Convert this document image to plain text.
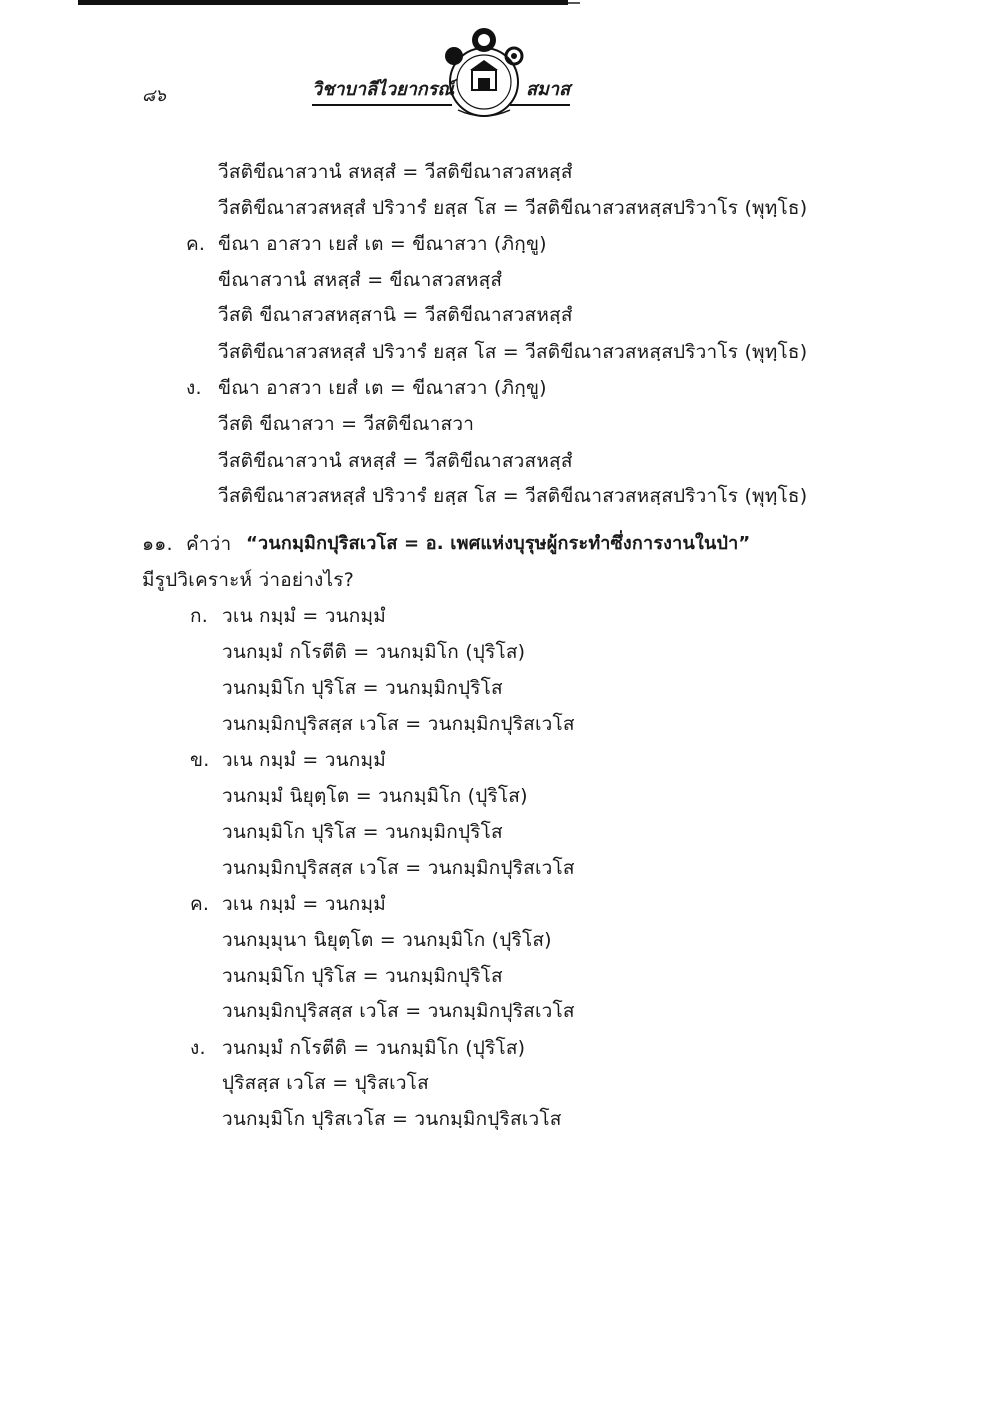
๘๖	วิชาบาลีไวยากรณ์	สมาส
วีสติขีณาสวานํ สหสฺสํ = วีสติขีณาสวสหสฺสํ
วีสติขีณาสวสหสฺสํ ปริวารํ ยสฺส โส = วีสติขีณาสวสหสฺสปริวาโร (พุทฺโธ)
ค. ขีณา อาสวา เยสํ เต = ขีณาสวา (ภิกฺขู)
ขีณาสวานํ สหสฺสํ = ขีณาสวสหสฺสํ
วีสติ ขีณาสวสหสฺสานิ = วีสติขีณาสวสหสฺสํ
วีสติขีณาสวสหสฺสํ ปริวารํ ยสฺส โส = วีสติขีณาสวสหสฺสปริวาโร (พุทฺโธ)
ง. ขีณา อาสวา เยสํ เต = ขีณาสวา (ภิกฺขู)
วีสติ ขีณาสวา = วีสติขีณาสวา
วีสติขีณาสวานํ สหสฺสํ = วีสติขีณาสวสหสฺสํ
วีสติขีณาสวสหสฺสํ ปริวารํ ยสฺส โส = วีสติขีณาสวสหสฺสปริวาโร (พุทฺโธ)
๑๑. คำว่า “วนกมฺมิกปุริสเวโส = อ. เพศแห่งบุรุษผู้กระทำซึ่งการงานในป่า”
มีรูปวิเคราะห์ ว่าอย่างไร?
ก. วเน กมฺมํ = วนกมฺมํ
วนกมฺมํ กโรตีติ = วนกมฺมิโก (ปุริโส)
วนกมฺมิโก ปุริโส = วนกมฺมิกปุริโส
วนกมฺมิกปุริสสฺส เวโส = วนกมฺมิกปุริสเวโส
ข. วเน กมฺมํ = วนกมฺมํ
วนกมฺมํ นิยุตฺโต = วนกมฺมิโก (ปุริโส)
วนกมฺมิโก ปุริโส = วนกมฺมิกปุริโส
วนกมฺมิกปุริสสฺส เวโส = วนกมฺมิกปุริสเวโส
ค. วเน กมฺมํ = วนกมฺมํ
วนกมฺมุนา นิยุตฺโต = วนกมฺมิโก (ปุริโส)
วนกมฺมิโก ปุริโส = วนกมฺมิกปุริโส
วนกมฺมิกปุริสสฺส เวโส = วนกมฺมิกปุริสเวโส
ง. วนกมฺมํ กโรตีติ = วนกมฺมิโก (ปุริโส)
ปุริสสฺส เวโส = ปุริสเวโส
วนกมฺมิโก ปุริสเวโส = วนกมฺมิกปุริสเวโส
